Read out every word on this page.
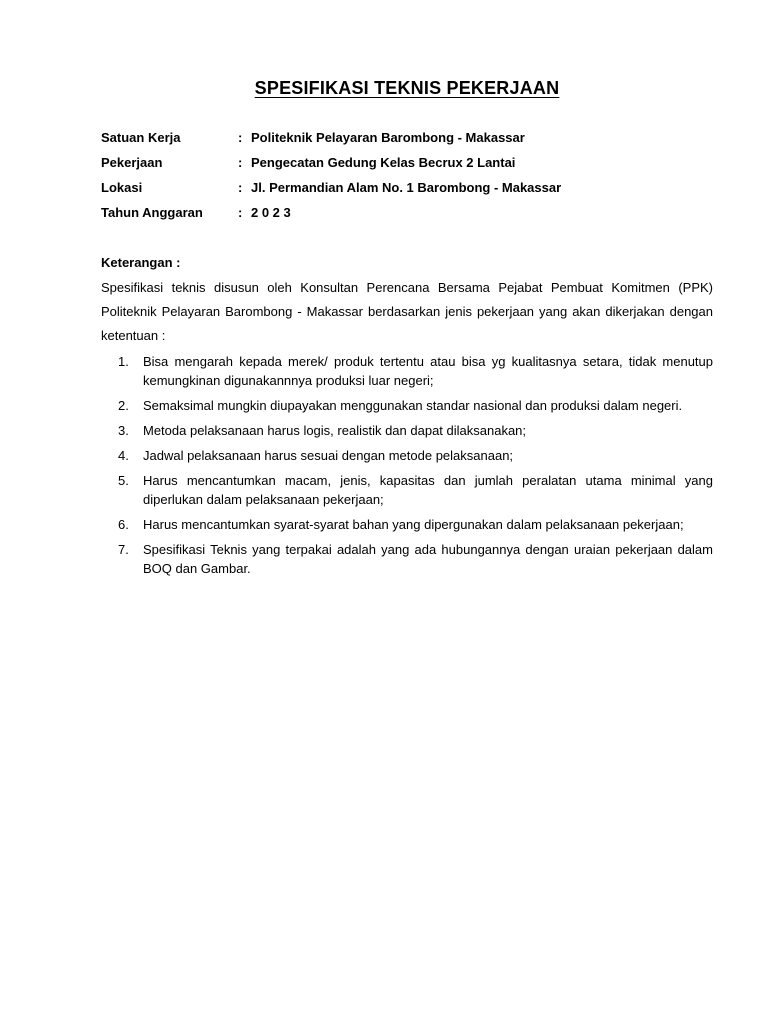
SPESIFIKASI TEKNIS PEKERJAAN
Satuan Kerja	: Politeknik Pelayaran Barombong - Makassar
Pekerjaan	: Pengecatan Gedung Kelas Becrux 2 Lantai
Lokasi	: Jl. Permandian Alam No. 1 Barombong - Makassar
Tahun Anggaran	: 2 0 2 3
Keterangan :
Spesifikasi teknis disusun oleh Konsultan Perencana Bersama Pejabat Pembuat Komitmen (PPK) Politeknik Pelayaran Barombong - Makassar berdasarkan jenis pekerjaan yang akan dikerjakan dengan ketentuan :
1. Bisa mengarah kepada merek/ produk tertentu atau bisa yg kualitasnya setara, tidak menutup kemungkinan digunakannnya produksi luar negeri;
2. Semaksimal mungkin diupayakan menggunakan standar nasional dan produksi dalam negeri.
3. Metoda pelaksanaan harus logis, realistik dan dapat dilaksanakan;
4. Jadwal pelaksanaan harus sesuai dengan metode pelaksanaan;
5. Harus mencantumkan macam, jenis, kapasitas dan jumlah peralatan utama minimal yang diperlukan dalam pelaksanaan pekerjaan;
6. Harus mencantumkan syarat-syarat bahan yang dipergunakan dalam pelaksanaan pekerjaan;
7. Spesifikasi Teknis yang terpakai adalah yang ada hubungannya dengan uraian pekerjaan dalam BOQ dan Gambar.
